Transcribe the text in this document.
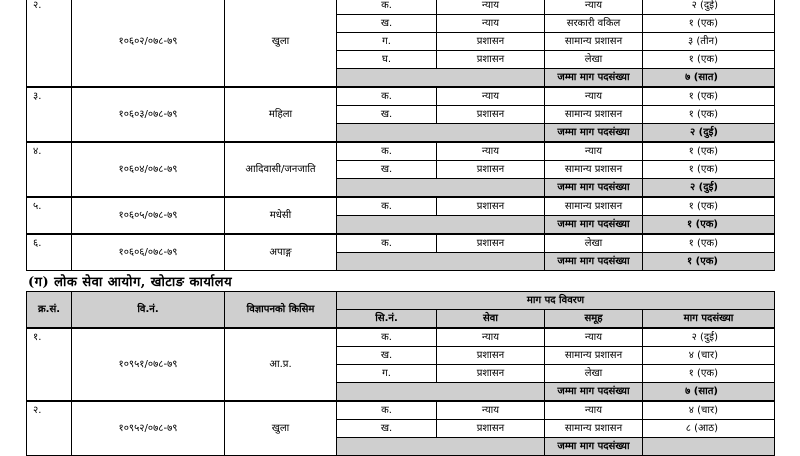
२.	१०६०२/०७८-७९	खुला	क.	न्याय	न्याय	२ (दुई)
			ख.	न्याय	सरकारी वकिल	१ (एक)
			ग.	प्रशासन	सामान्य प्रशासन	३ (तीन)
			घ.	प्रशासन	लेखा	१ (एक)
					जम्मा माग पदसंख्या	७ (सात)
३.	१०६०३/०७८-७९	महिला	क.	न्याय	न्याय	१ (एक)
			ख.	प्रशासन	सामान्य प्रशासन	१ (एक)
					जम्मा माग पदसंख्या	२ (दुई)
४.	१०६०४/०७८-७९	आदिवासी/जनजाति	क.	न्याय	न्याय	१ (एक)
			ख.	प्रशासन	सामान्य प्रशासन	१ (एक)
					जम्मा माग पदसंख्या	२ (दुई)
५.	१०६०५/०७८-७९	मधेसी	क.	प्रशासन	सामान्य प्रशासन	१ (एक)
					जम्मा माग पदसंख्या	१ (एक)
६.	१०६०६/०७८-७९	अपाङ्ग	क.	प्रशासन	लेखा	१ (एक)
					जम्मा माग पदसंख्या	१ (एक)
(ग) लोक सेवा आयोग, खोटाङ कार्यालय
क्र.सं.	वि.नं.	विज्ञापनको किसिम	माग पद विवरण			
			सि.नं.	सेवा	समूह	माग पदसंख्या
१.	१०९५१/०७८-७९	आ.प्र.	क.	न्याय	न्याय	२ (दुई)
			ख.	प्रशासन	सामान्य प्रशासन	४ (चार)
			ग.	प्रशासन	लेखा	१ (एक)
					जम्मा माग पदसंख्या	७ (सात)
२.	१०९५२/०७८-७९	खुला	क.	न्याय	न्याय	४ (चार)
			ख.	प्रशासन	सामान्य प्रशासन	८ (आठ)
					जम्मा माग पदसंख्या	
